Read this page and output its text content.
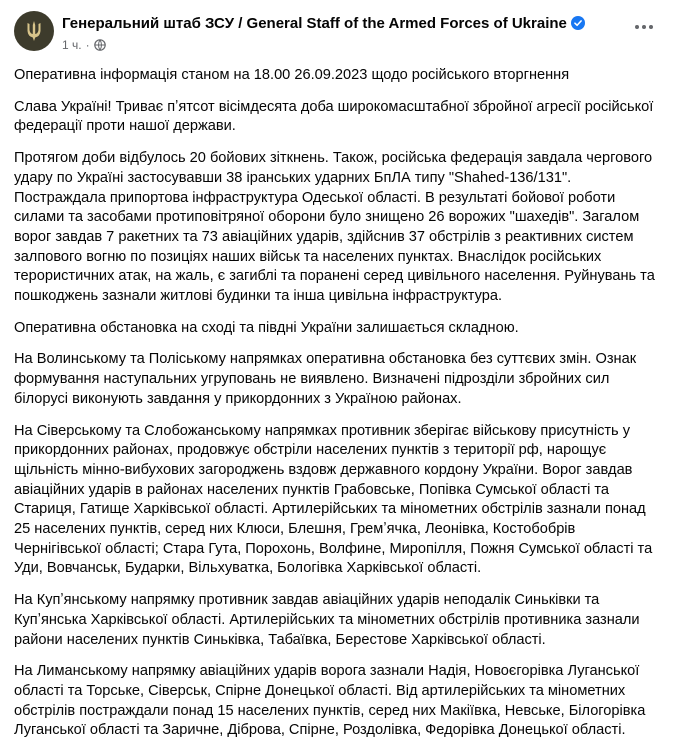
Генеральний штаб ЗСУ / General Staff of the Armed Forces of Ukraine
1 ч. ·

Оперативна інформація станом на 18.00 26.09.2023 щодо російського вторгнення

Слава Україні! Триває пʼятсот вісімдесята доба широкомасштабної збройної агресії російської федерації проти нашої держави.

Протягом доби відбулось 20 бойових зіткнень. Також, російська федерація завдала чергового удару по Україні застосувавши 38 іранських ударних БпЛА типу "Shahed-136/131". Постраждала припортова інфраструктура Одеської області. В результаті бойової роботи силами та засобами протиповітряної оборони було знищено 26 ворожих "шахедів". Загалом ворог завдав 7 ракетних та 73 авіаційних ударів, здійснив 37 обстрілів з реактивних систем залпового вогню по позиціях наших військ та населених пунктах. Внаслідок російських терористичних атак, на жаль, є загиблі та поранені серед цивільного населення. Руйнувань та пошкоджень зазнали житлові будинки та інша цивільна інфраструктура.

Оперативна обстановка на сході та півдні України залишається складною.

На Волинському та Поліському напрямках оперативна обстановка без суттєвих змін. Ознак формування наступальних угруповань не виявлено. Визначені підрозділи збройних сил білорусі виконують завдання у прикордонних з Україною районах.

На Сіверському та Слобожанському напрямках противник зберігає військову присутність у прикордонних районах, продовжує обстріли населених пунктів з території рф, нарощує щільність мінно-вибухових загороджень вздовж державного кордону України. Ворог завдав авіаційних ударів в районах населених пунктів Грабовське, Попівка Сумської області та Стариця, Гатище Харківської області. Артилерійських та мінометних обстрілів зазнали понад 25 населених пунктів, серед них Клюси, Блешня, Гремʼячка, Леонівка, Костобобрів Чернігівської області; Стара Гута, Порохонь, Волфине, Миропілля, Пожня Сумської області та Уди, Вовчанськ, Бударки, Вільхуватка, Бологівка Харківської області.

На Купʼянському напрямку противник завдав авіаційних ударів неподалік Синьківки та Купʼянська Харківської області. Артилерійських та мінометних обстрілів противника зазнали райони населених пунктів Синьківка, Табаївка, Берестове Харківської області.

На Лиманському напрямку авіаційних ударів ворога зазнали Надія, Новоєгорівка Луганської області та Торське, Сіверськ, Спірне Донецької області. Від артилерійських та мінометних обстрілів постраждали понад 15 населених пунктів, серед них Макіївка, Невське, Білогорівка Луганської області та Заричне, Діброва, Спірне, Роздолівка, Федорівка Донецької області.
